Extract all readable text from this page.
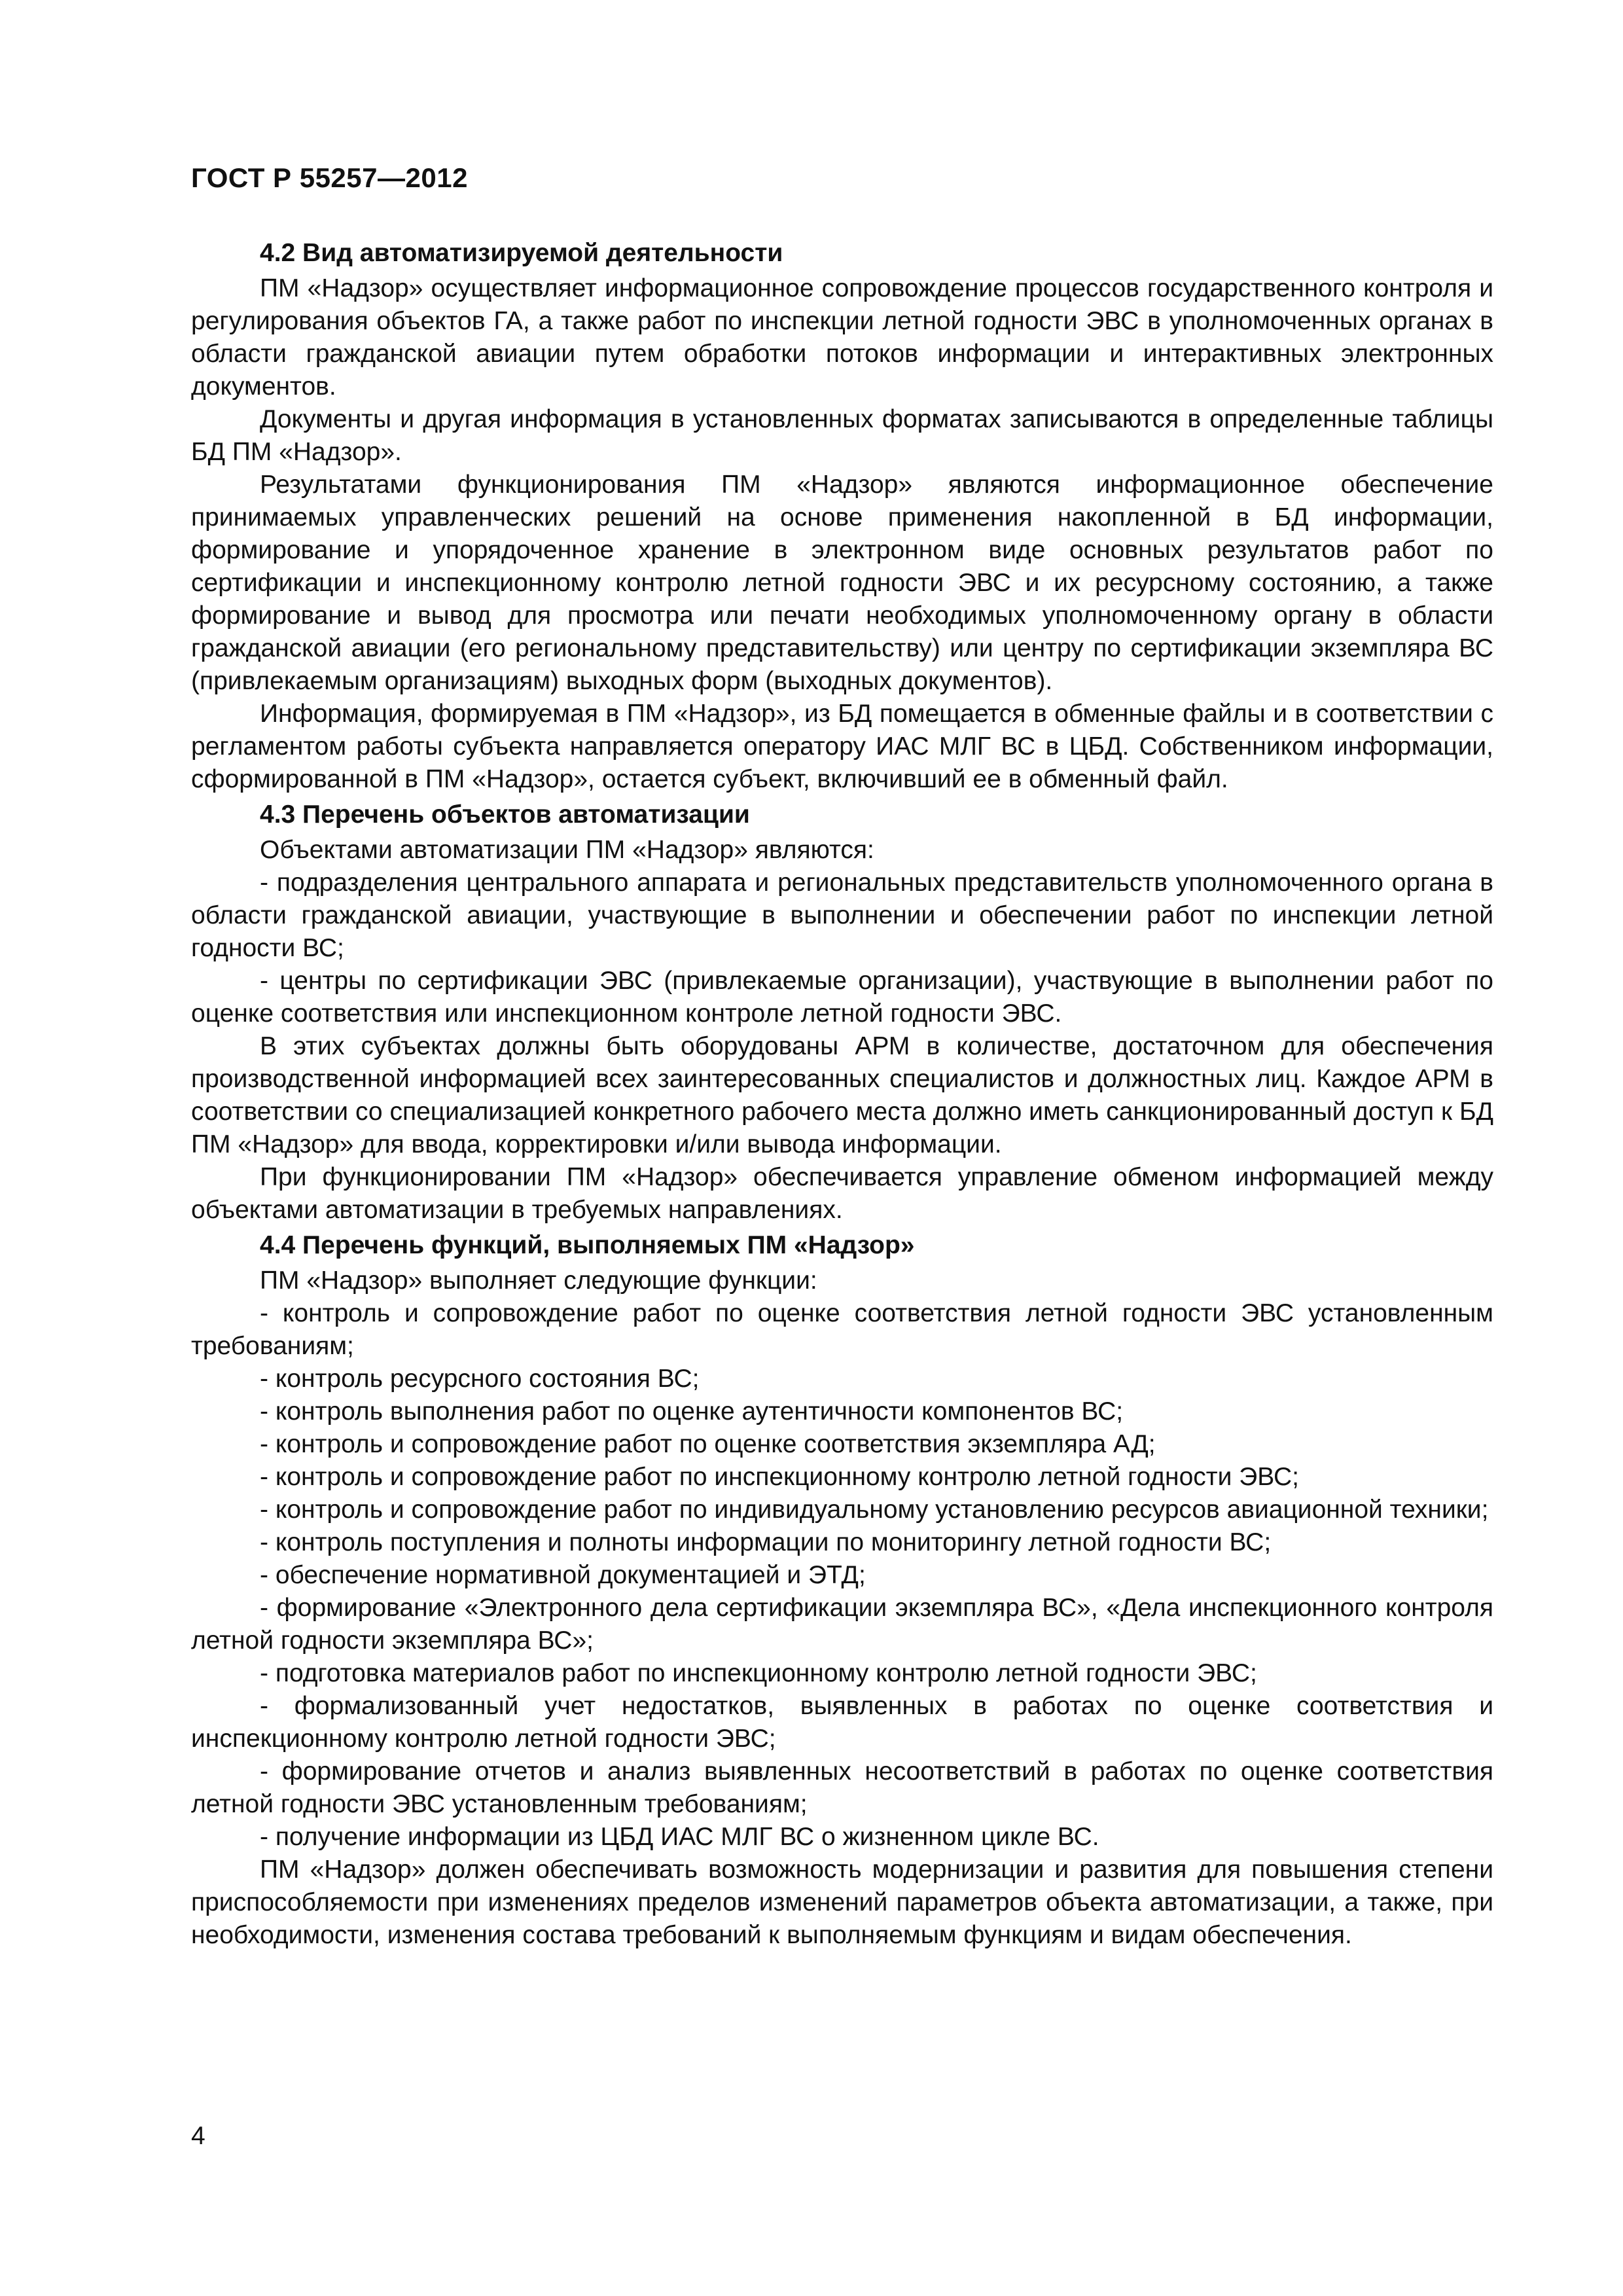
ГОСТ Р 55257—2012
4.2 Вид автоматизируемой деятельности

ПМ «Надзор» осуществляет информационное сопровождение процессов государственного контроля и регулирования объектов ГА, а также работ по инспекции летной годности ЭВС в уполномоченных органах в области гражданской авиации путем обработки потоков информации и интерактивных электронных документов.

Документы и другая информация в установленных форматах записываются в определенные таблицы БД ПМ «Надзор».

Результатами функционирования ПМ «Надзор» являются информационное обеспечение принимаемых управленческих решений на основе применения накопленной в БД информации, формирование и упорядоченное хранение в электронном виде основных результатов работ по сертификации и инспекционному контролю летной годности ЭВС и их ресурсному состоянию, а также формирование и вывод для просмотра или печати необходимых уполномоченному органу в области гражданской авиации (его региональному представительству) или центру по сертификации экземпляра ВС (привлекаемым организациям) выходных форм (выходных документов).

Информация, формируемая в ПМ «Надзор», из БД помещается в обменные файлы и в соответствии с регламентом работы субъекта направляется оператору ИАС МЛГ ВС в ЦБД. Собственником информации, сформированной в ПМ «Надзор», остается субъект, включивший ее в обменный файл.

4.3 Перечень объектов автоматизации

Объектами автоматизации ПМ «Надзор» являются:

- подразделения центрального аппарата и региональных представительств уполномоченного органа в области гражданской авиации, участвующие в выполнении и обеспечении работ по инспекции летной годности ВС;

- центры по сертификации ЭВС (привлекаемые организации), участвующие в выполнении работ по оценке соответствия или инспекционном контроле летной годности ЭВС.

В этих субъектах должны быть оборудованы АРМ в количестве, достаточном для обеспечения производственной информацией всех заинтересованных специалистов и должностных лиц. Каждое АРМ в соответствии со специализацией конкретного рабочего места должно иметь санкционированный доступ к БД ПМ «Надзор» для ввода, корректировки и/или вывода информации.

При функционировании ПМ «Надзор» обеспечивается управление обменом информацией между объектами автоматизации в требуемых направлениях.

4.4 Перечень функций, выполняемых ПМ «Надзор»

ПМ «Надзор» выполняет следующие функции:

- контроль и сопровождение работ по оценке соответствия летной годности ЭВС установленным требованиям;

- контроль ресурсного состояния ВС;

- контроль выполнения работ по оценке аутентичности компонентов ВС;

- контроль и сопровождение работ по оценке соответствия экземпляра АД;

- контроль и сопровождение работ по инспекционному контролю летной годности ЭВС;

- контроль и сопровождение работ по индивидуальному установлению ресурсов авиационной техники;

- контроль поступления и полноты информации по мониторингу летной годности ВС;

- обеспечение нормативной документацией и ЭТД;

- формирование «Электронного дела сертификации экземпляра ВС», «Дела инспекционного контроля летной годности экземпляра ВС»;

- подготовка материалов работ по инспекционному контролю летной годности ЭВС;

- формализованный учет недостатков, выявленных в работах по оценке соответствия и инспекционному контролю летной годности ЭВС;

- формирование отчетов и анализ выявленных несоответствий в работах по оценке соответствия летной годности ЭВС установленным требованиям;

- получение информации из ЦБД ИАС МЛГ ВС о жизненном цикле ВС.

ПМ «Надзор» должен обеспечивать возможность модернизации и развития для повышения степени приспособляемости при изменениях пределов изменений параметров объекта автоматизации, а также, при необходимости, изменения состава требований к выполняемым функциям и видам обеспечения.

4
